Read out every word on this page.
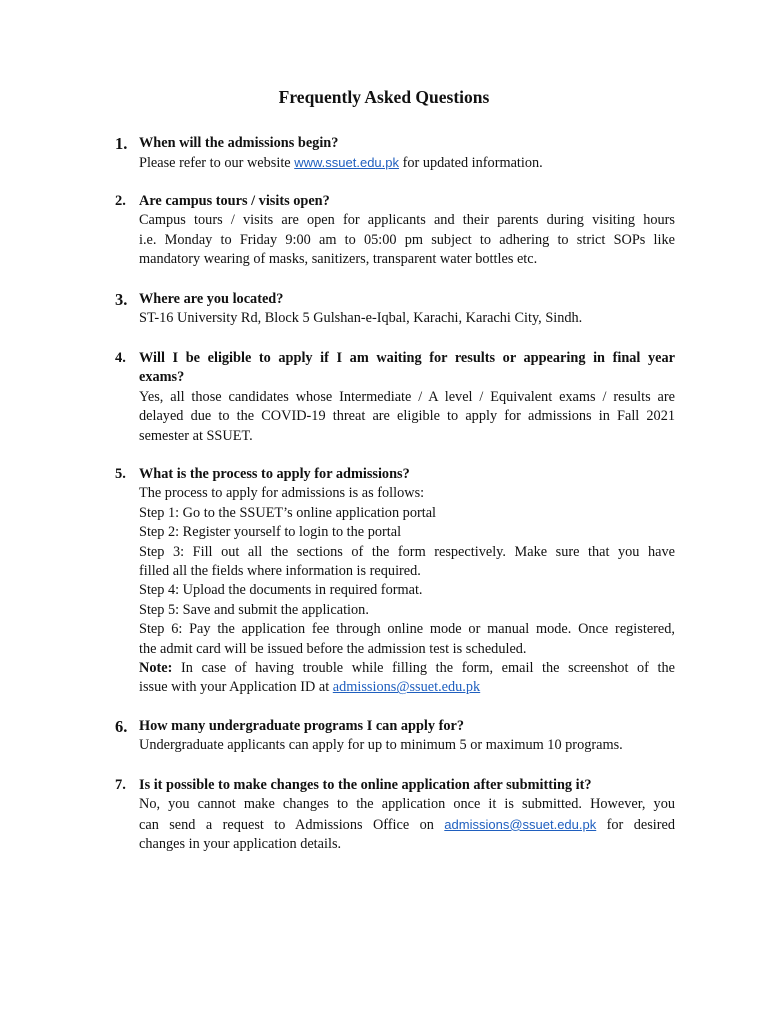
Frequently Asked Questions
1. When will the admissions begin?
Please refer to our website www.ssuet.edu.pk for updated information.
2. Are campus tours / visits open?
Campus tours / visits are open for applicants and their parents during visiting hours
i.e. Monday to Friday 9:00 am to 05:00 pm subject to adhering to strict SOPs like
mandatory wearing of masks, sanitizers, transparent water bottles etc.
3. Where are you located?
ST-16 University Rd, Block 5 Gulshan-e-Iqbal, Karachi, Karachi City, Sindh.
4. Will I be eligible to apply if I am waiting for results or appearing in final year
exams?
Yes, all those candidates whose Intermediate / A level / Equivalent exams / results are
delayed due to the COVID-19 threat are eligible to apply for admissions in Fall 2021
semester at SSUET.
5. What is the process to apply for admissions?
The process to apply for admissions is as follows:
Step 1: Go to the SSUET’s online application portal
Step 2: Register yourself to login to the portal
Step 3: Fill out all the sections of the form respectively. Make sure that you have
filled all the fields where information is required.
Step 4: Upload the documents in required format.
Step 5: Save and submit the application.
Step 6: Pay the application fee through online mode or manual mode. Once registered,
the admit card will be issued before the admission test is scheduled.
Note: In case of having trouble while filling the form, email the screenshot of the
issue with your Application ID at admissions@ssuet.edu.pk
6. How many undergraduate programs I can apply for?
Undergraduate applicants can apply for up to minimum 5 or maximum 10 programs.
7. Is it possible to make changes to the online application after submitting it?
No, you cannot make changes to the application once it is submitted. However, you
can send a request to Admissions Office on admissions@ssuet.edu.pk for desired
changes in your application details.
